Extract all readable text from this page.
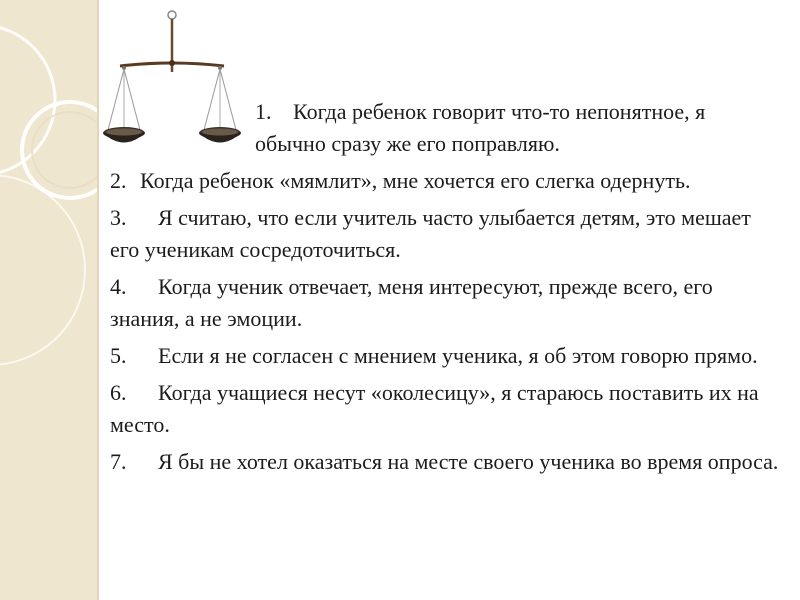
1. Когда ребенок говорит что-то непонятное, я обычно сразу же его поправляю.

2. Когда ребенок «мямлит», мне хочется его слегка одернуть.

3. Я считаю, что если учитель часто улыбается детям, это мешает его ученикам сосредоточиться.

4. Когда ученик отвечает, меня интересуют, прежде всего, его знания, а не эмоции.

5. Если я не согласен с мнением ученика, я об этом говорю прямо.

6. Когда учащиеся несут «околесицу», я стараюсь поставить их на место.

7. Я бы не хотел оказаться на месте своего ученика во время опроса.
